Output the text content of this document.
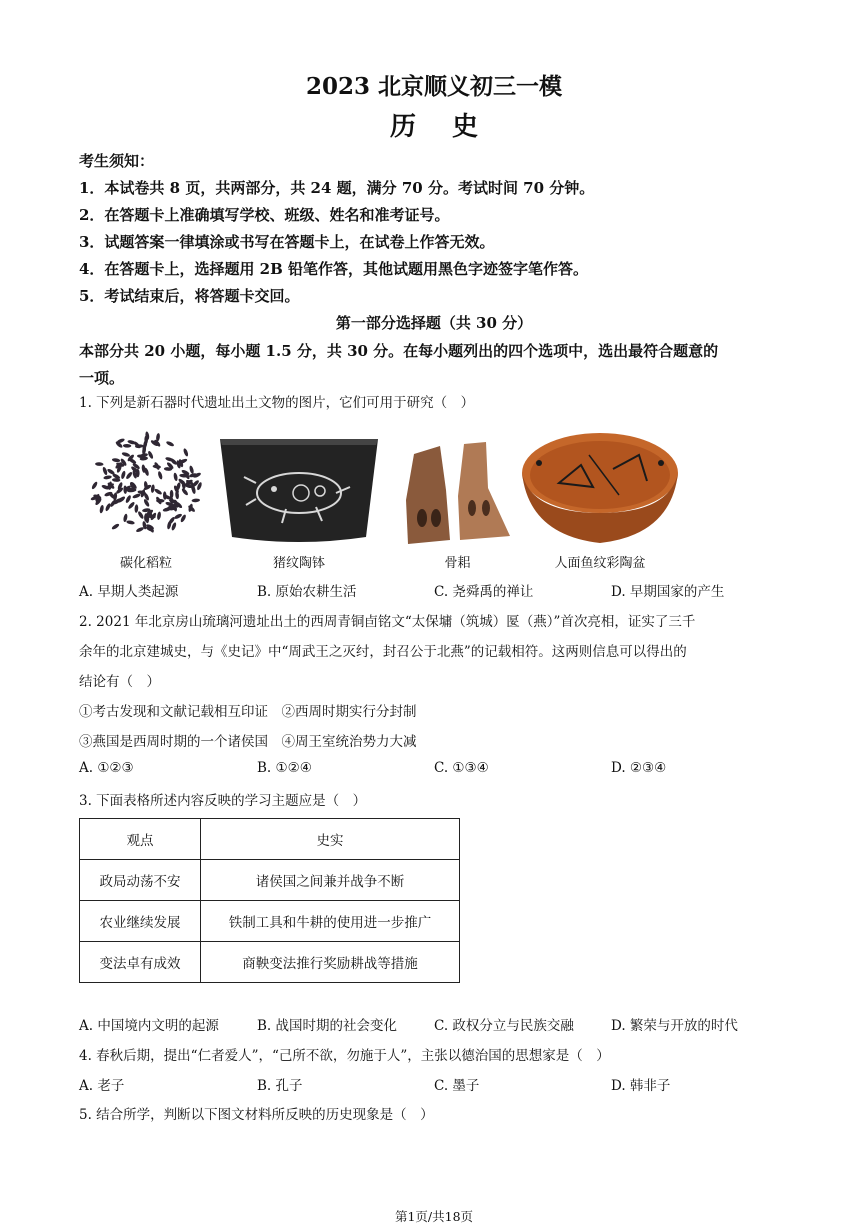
2023 北京顺义初三一模
历史
考生须知：
1．本试卷共 8 页，共两部分，共 24 题，满分 70 分。考试时间 70 分钟。
2．在答题卡上准确填写学校、班级、姓名和准考证号。
3．试题答案一律填涂或书写在答题卡上，在试卷上作答无效。
4．在答题卡上，选择题用 2B 铅笔作答，其他试题用黑色字迹签字笔作答。
5．考试结束后，将答题卡交回。
第一部分选择题（共 30 分）
本部分共 20 小题，每小题 1.5 分，共 30 分。在每小题列出的四个选项中，选出最符合题意的
一项。
1. 下列是新石器时代遗址出土文物的图片，它们可用于研究（　）
碳化稻粒	猪纹陶钵	骨耜	人面鱼纹彩陶盆
A. 早期人类起源	B. 原始农耕生活	C. 尧舜禹的禅让	D. 早期国家的产生
2. 2021 年北京房山琉璃河遗址出土的西周青铜卣铭文“太保墉（筑城）匽（燕）”首次亮相，证实了三千
余年的北京建城史，与《史记》中“周武王之灭纣，封召公于北燕”的记载相符。这两则信息可以得出的
结论有（　）
①考古发现和文献记载相互印证　②西周时期实行分封制
③燕国是西周时期的一个诸侯国　④周王室统治势力大减
A. ①②③	B. ①②④	C. ①③④	D. ②③④
3. 下面表格所述内容反映的学习主题应是（　）
观点	史实
政局动荡不安	诸侯国之间兼并战争不断
农业继续发展	铁制工具和牛耕的使用进一步推广
变法卓有成效	商鞅变法推行奖励耕战等措施
A. 中国境内文明的起源	B. 战国时期的社会变化	C. 政权分立与民族交融	D. 繁荣与开放的时代
4. 春秋后期，提出“仁者爱人”，“己所不欲，勿施于人”，主张以德治国的思想家是（　）
A. 老子	B. 孔子	C. 墨子	D. 韩非子
5. 结合所学，判断以下图文材料所反映的历史现象是（　）
第1页/共18页
